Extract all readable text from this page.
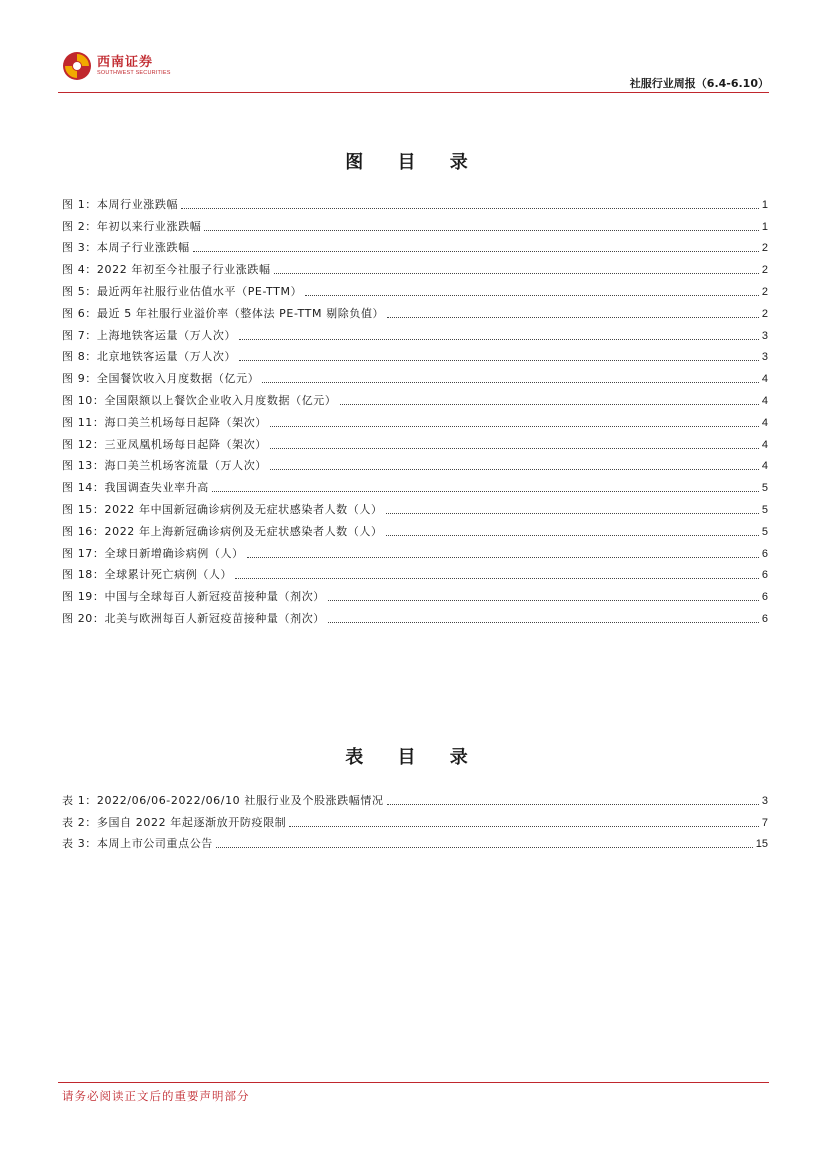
西南证券
SOUTHWEST SECURITIES
社服行业周报（6.4-6.10）
图 目 录
图 1：本周行业涨跌幅	1
图 2：年初以来行业涨跌幅	1
图 3：本周子行业涨跌幅	2
图 4：2022 年初至今社服子行业涨跌幅	2
图 5：最近两年社服行业估值水平（PE-TTM）	2
图 6：最近 5 年社服行业溢价率（整体法 PE-TTM 剔除负值）	2
图 7：上海地铁客运量（万人次）	3
图 8：北京地铁客运量（万人次）	3
图 9：全国餐饮收入月度数据（亿元）	4
图 10：全国限额以上餐饮企业收入月度数据（亿元）	4
图 11：海口美兰机场每日起降（架次）	4
图 12：三亚凤凰机场每日起降（架次）	4
图 13：海口美兰机场客流量（万人次）	4
图 14：我国调查失业率升高	5
图 15：2022 年中国新冠确诊病例及无症状感染者人数（人）	5
图 16：2022 年上海新冠确诊病例及无症状感染者人数（人）	5
图 17：全球日新增确诊病例（人）	6
图 18：全球累计死亡病例（人）	6
图 19：中国与全球每百人新冠疫苗接种量（剂次）	6
图 20：北美与欧洲每百人新冠疫苗接种量（剂次）	6
表 目 录
表 1：2022/06/06-2022/06/10 社服行业及个股涨跌幅情况	3
表 2：多国自 2022 年起逐渐放开防疫限制	7
表 3：本周上市公司重点公告	15
请务必阅读正文后的重要声明部分
